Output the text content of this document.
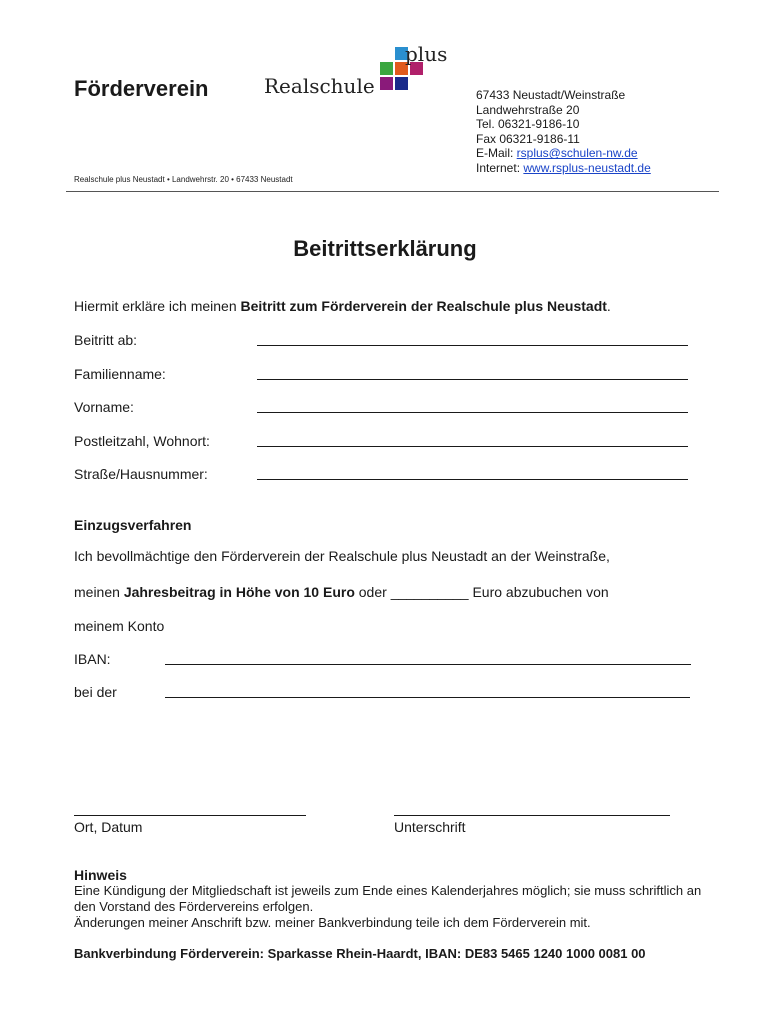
Förderverein	Realschule
plus
67433 Neustadt/Weinstraße
Landwehrstraße 20
Tel. 06321-9186-10
Fax 06321-9186-11
E-Mail: rsplus@schulen-nw.de
Internet: www.rsplus-neustadt.de
Realschule plus Neustadt • Landwehrstr. 20 • 67433 Neustadt
Beitrittserklärung
Hiermit erkläre ich meinen Beitritt zum Förderverein der Realschule plus Neustadt.
Beitritt ab:
Familienname:
Vorname:
Postleitzahl, Wohnort:
Straße/Hausnummer:
Einzugsverfahren
Ich bevollmächtige den Förderverein der Realschule plus Neustadt an der Weinstraße,
meinen Jahresbeitrag in Höhe von 10 Euro oder __________ Euro abzubuchen von
meinem Konto
IBAN:
bei der
Ort, Datum	Unterschrift
Hinweis
Eine Kündigung der Mitgliedschaft ist jeweils zum Ende eines Kalenderjahres möglich; sie muss schriftlich an den Vorstand des Fördervereins erfolgen.
Änderungen meiner Anschrift bzw. meiner Bankverbindung teile ich dem Förderverein mit.
Bankverbindung Förderverein: Sparkasse Rhein-Haardt, IBAN: DE83 5465 1240 1000 0081 00
